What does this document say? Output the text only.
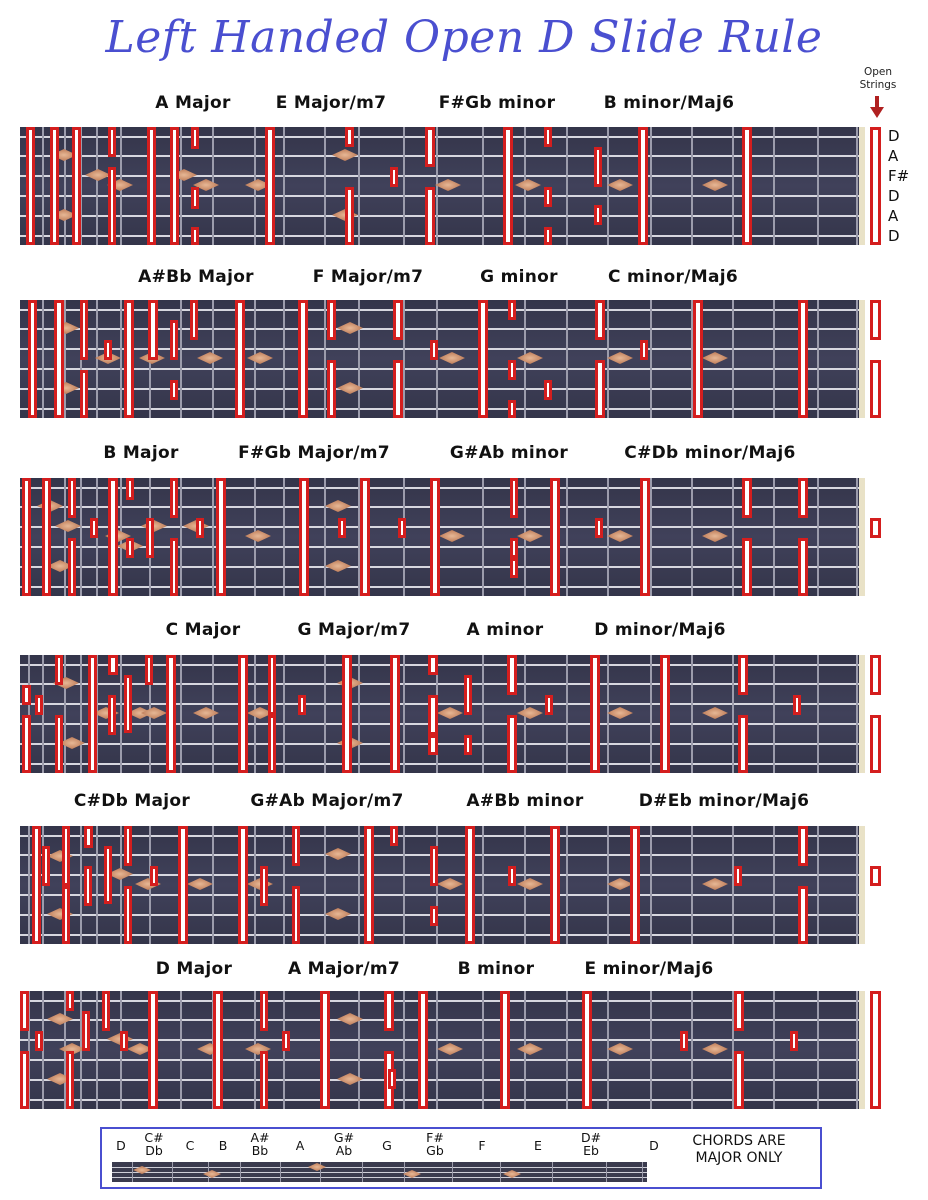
Left Handed Open D Slide Rule
Open Strings
D
A
F#
D
A
D
A Major	E Major/m7	F#Gb minor	B minor/Maj6
A#Bb Major	F Major/m7	G minor	C minor/Maj6
B Major	F#Gb Major/m7	G#Ab minor	C#Db minor/Maj6
C Major	G Major/m7	A minor	D minor/Maj6
C#Db Major	G#Ab Major/m7	A#Bb minor	D#Eb minor/Maj6
D Major	A Major/m7	B minor	E minor/Maj6
D
C#
Db C B
A#
Bb A
G#
Ab G
F#
Gb	F	E
D#
Eb	D	CHORDS ARE
MAJOR ONLY
